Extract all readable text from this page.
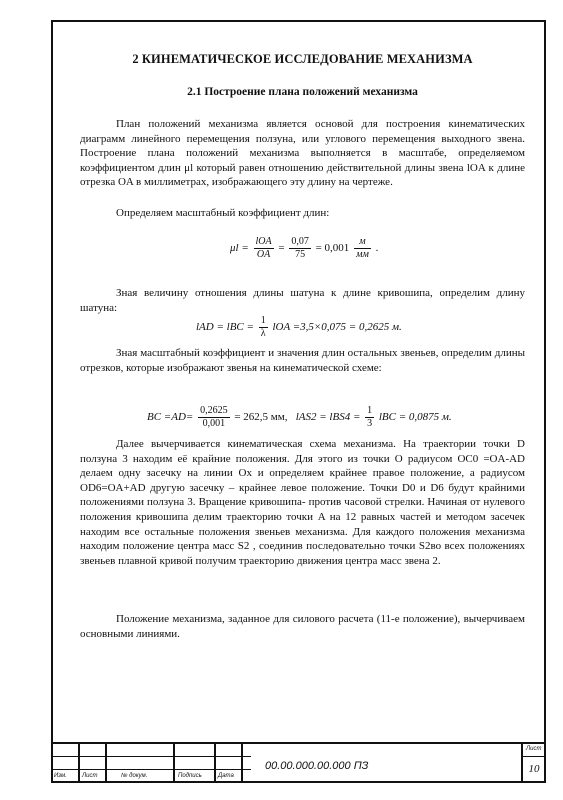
2 КИНЕМАТИЧЕСКОЕ ИССЛЕДОВАНИЕ МЕХАНИЗМА
2.1 Построение плана положений механизма

План положений механизма является основой для построения кинематических диаграмм линейного перемещения ползуна, или углового перемещения выходного звена. Построение плана положений механизма выполняется в масштабе, определяемом коэффициентом длин μl который равен отношению действительной длины звена lOA к длине отрезка OA в миллиметрах, изображающего эту длину на чертеже.

Определяем масштабный коэффициент длин:

$\mu l = \frac{\text{lOA}}{OA} = \frac{0,07}{75} = 0,001 \frac{м}{мм}$ .

Зная величину отношения длины шатуна к длине кривошипа, определим длину шатуна:

lAD = lBC = $\frac{1}{\lambda}$ lOA =3,5×0,075 = 0,2625 м.

Зная масштабный коэффициент и значения длин остальных звеньев, определим длины отрезков, которые изображают звенья на кинематической схеме:

BC $=AD= \frac{0,2625}{0,001} = 262,5$ мм, $lAS2 = lBS4 = \frac{1}{3}$ lBC = 0,0875 м.

Далее вычерчивается кинематическая схема механизма. На траектории точки D ползуна 3 находим её крайние положения. Для этого из точки O радиусом OC0 =OA-AD делаем одну засечку на линии Ox и определяем крайнее правое положение, а радиусом OD6=OA+AD другую засечку – крайнее левое положение. Точки D0 и D6 будут крайними положениями ползуна 3. Вращение кривошипа- против часовой стрелки. Начиная от нулевого положения кривошипа делим траекторию точки A на 12 равных частей и методом засечек находим все остальные положения звеньев механизма. Для каждого положения механизма находим положение центра масс S2 , соединив последовательно точки S2во всех положениях звеньев плавной кривой получим траекторию движения центра масс звена 2.

Положение механизма, заданное для силового расчета (11-е положение), вычерчиваем основными линиями.

Изм.	Лист	№ докум.	Подпись	Дата
Лист
00.00.000.00.000 ПЗ	10
